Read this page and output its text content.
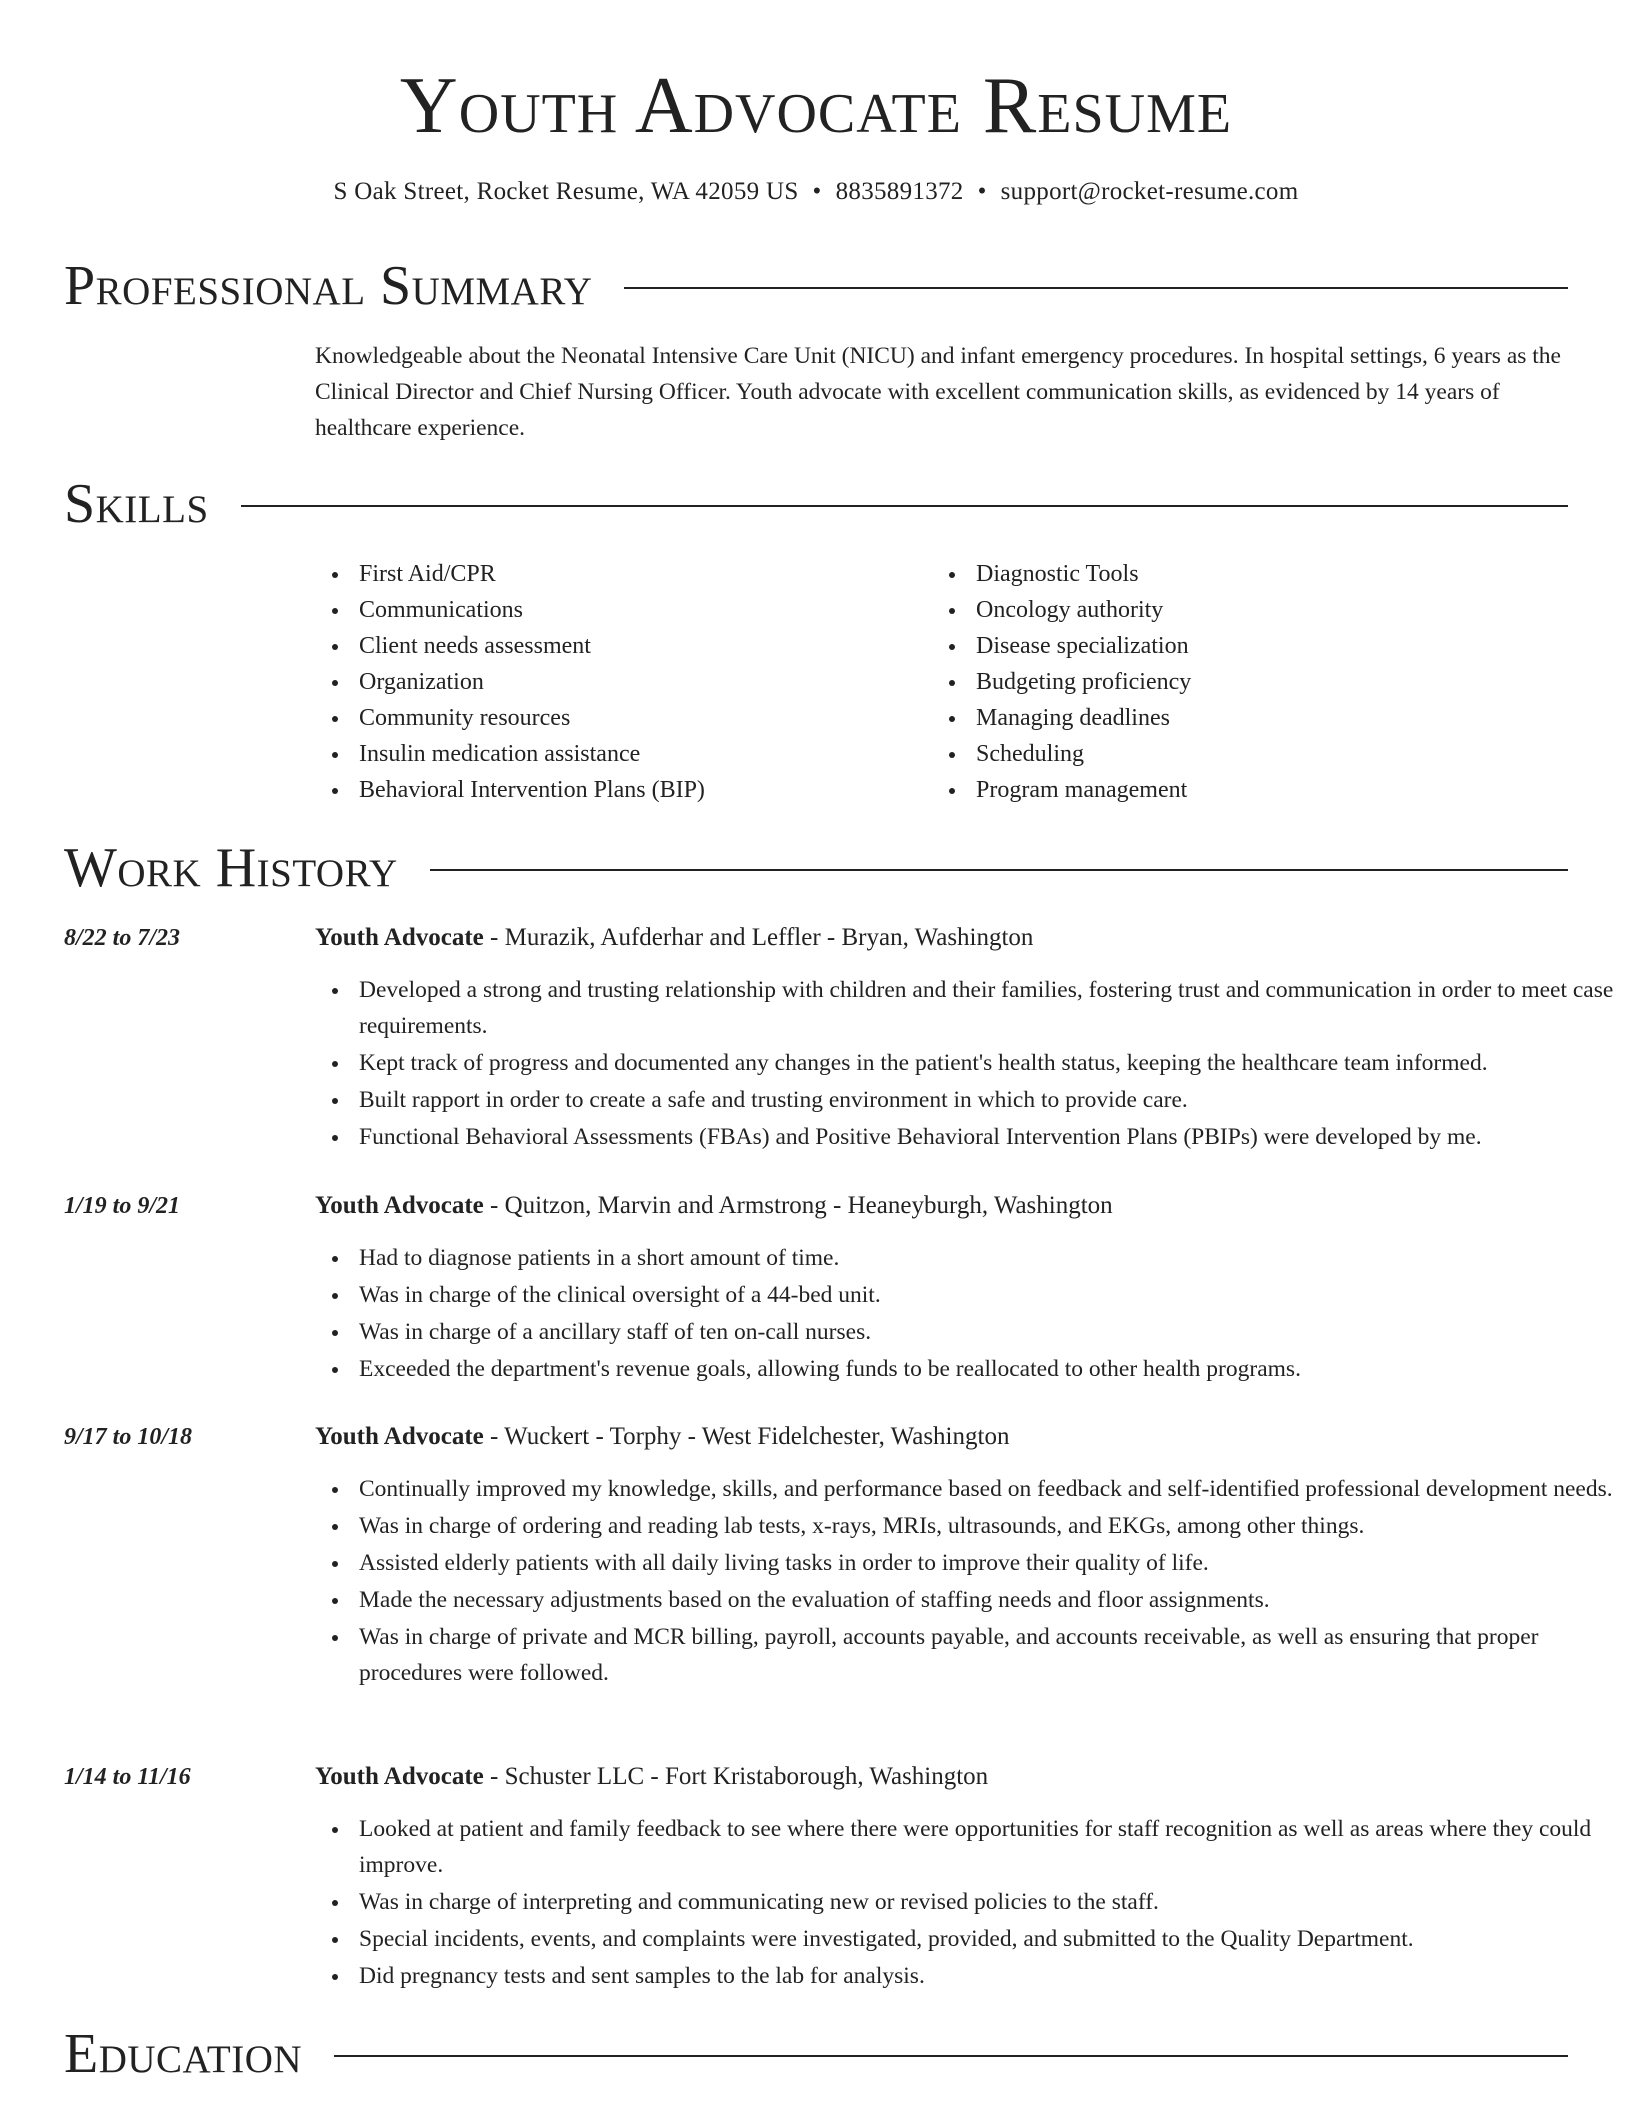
Youth Advocate Resume
S Oak Street, Rocket Resume, WA 42059 US • 8835891372 • support@rocket-resume.com
Professional Summary
Knowledgeable about the Neonatal Intensive Care Unit (NICU) and infant emergency procedures. In hospital settings, 6 years as the Clinical Director and Chief Nursing Officer. Youth advocate with excellent communication skills, as evidenced by 14 years of healthcare experience.
Skills
First Aid/CPR
Communications
Client needs assessment
Organization
Community resources
Insulin medication assistance
Behavioral Intervention Plans (BIP)
Diagnostic Tools
Oncology authority
Disease specialization
Budgeting proficiency
Managing deadlines
Scheduling
Program management
Work History
8/22 to 7/23	Youth Advocate - Murazik, Aufderhar and Leffler - Bryan, Washington
Developed a strong and trusting relationship with children and their families, fostering trust and communication in order to meet case requirements.
Kept track of progress and documented any changes in the patient's health status, keeping the healthcare team informed.
Built rapport in order to create a safe and trusting environment in which to provide care.
Functional Behavioral Assessments (FBAs) and Positive Behavioral Intervention Plans (PBIPs) were developed by me.
1/19 to 9/21	Youth Advocate - Quitzon, Marvin and Armstrong - Heaneyburgh, Washington
Had to diagnose patients in a short amount of time.
Was in charge of the clinical oversight of a 44-bed unit.
Was in charge of a ancillary staff of ten on-call nurses.
Exceeded the department's revenue goals, allowing funds to be reallocated to other health programs.
9/17 to 10/18	Youth Advocate - Wuckert - Torphy - West Fidelchester, Washington
Continually improved my knowledge, skills, and performance based on feedback and self-identified professional development needs.
Was in charge of ordering and reading lab tests, x-rays, MRIs, ultrasounds, and EKGs, among other things.
Assisted elderly patients with all daily living tasks in order to improve their quality of life.
Made the necessary adjustments based on the evaluation of staffing needs and floor assignments.
Was in charge of private and MCR billing, payroll, accounts payable, and accounts receivable, as well as ensuring that proper procedures were followed.
1/14 to 11/16	Youth Advocate - Schuster LLC - Fort Kristaborough, Washington
Looked at patient and family feedback to see where there were opportunities for staff recognition as well as areas where they could improve.
Was in charge of interpreting and communicating new or revised policies to the staff.
Special incidents, events, and complaints were investigated, provided, and submitted to the Quality Department.
Did pregnancy tests and sent samples to the lab for analysis.
Education
